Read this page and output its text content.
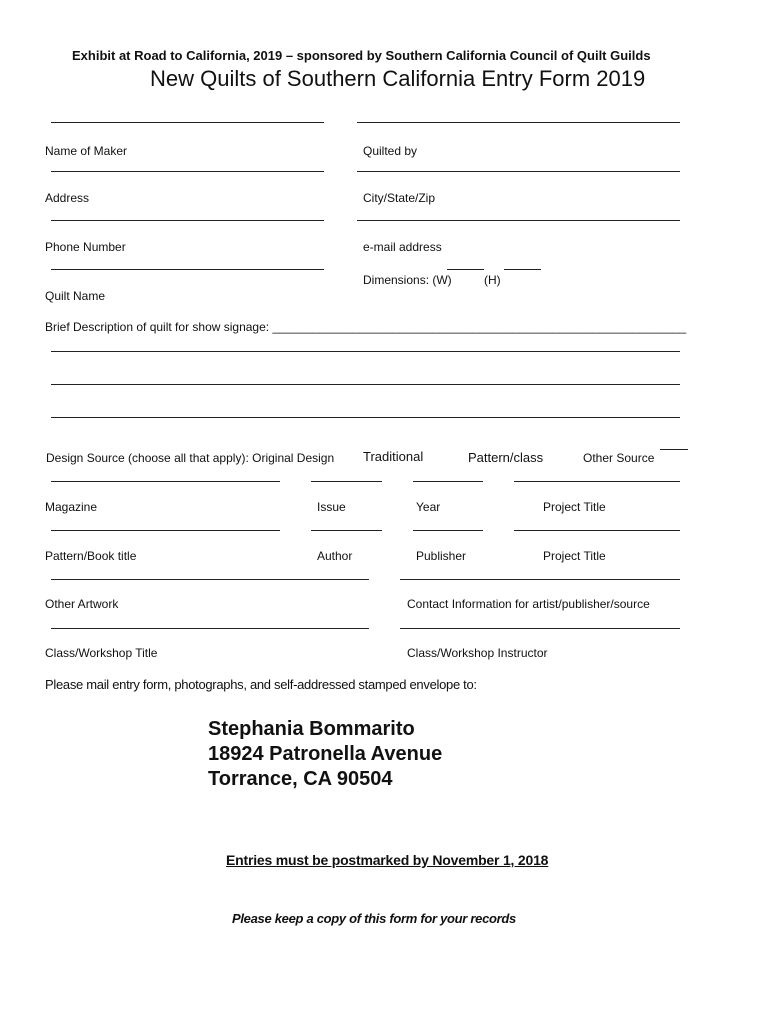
Exhibit at Road to California, 2019 – sponsored by Southern California Council of Quilt Guilds
New Quilts of Southern California Entry Form 2019
Name of Maker	Quilted by
Address	City/State/Zip
Phone Number	e-mail address
Dimensions: (W)	(H)
Quilt Name
Brief Description of quilt for show signage: ______________________________________________________________
Design Source (choose all that apply): Original Design Traditional	Pattern/class	Other Source
Magazine	Issue	Year	Project Title
Pattern/Book title	Author	Publisher	Project Title
Other Artwork	Contact Information for artist/publisher/source
Class/Workshop Title	Class/Workshop Instructor
Please mail entry form, photographs, and self-addressed stamped envelope to:
Stephania Bommarito
18924 Patronella Avenue
Torrance, CA 90504
Entries must be postmarked by November 1, 2018
Please keep a copy of this form for your records
